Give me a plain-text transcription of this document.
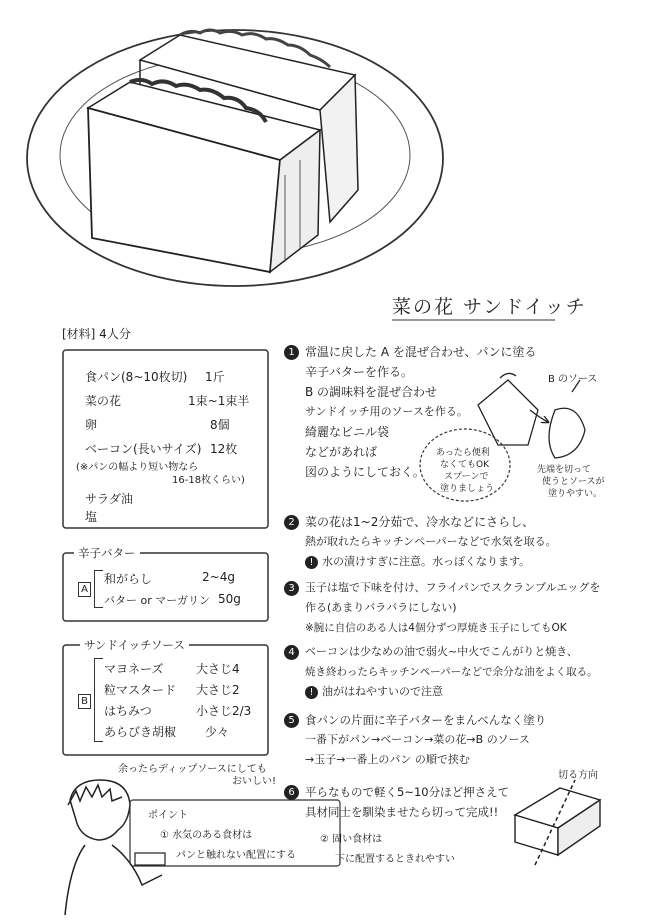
菜の花 サンドイッチ
[材料] 4人分
食パン(8~10枚切) 1斤
菜の花	1束~1束半
卵	8個
ベーコン(長いサイズ) 12枚
(※パンの幅より短い物なら
16-18枚くらい)
サラダ油
塩
辛子バター
A
和がらし	2~4g
バター or マーガリン 50g
サンドイッチソース
B
マヨネーズ	大さじ4
粒マスタード 大さじ2
はちみつ	小さじ2/3
あらびき胡椒 少々
余ったらディップソースにしても
おいしい!
1 常温に戻した A を混ぜ合わせ、パンに塗る
辛子バターを作る。
B の調味料を混ぜ合わせ
サンドイッチ用のソースを作る。
綺麗なビニル袋
などがあれば
図のようにしておく。
B のソース
あったら便利
なくてもOK
スプーンで
塗りましょう
先端を切って
使うとソースが
塗りやすい。
2 菜の花は1~2分茹で、冷水などにさらし、
熱が取れたらキッチンペーパーなどで水気を取る。
! 水の漬けすぎに注意。水っぽくなります。
3 玉子は塩で下味を付け、フライパンでスクランブルエッグを
作る(あまりバラバラにしない)
※腕に自信のある人は4個分ずつ厚焼き玉子にしてもOK
4 ベーコンは少なめの油で弱火~中火でこんがりと焼き、
焼き終わったらキッチンペーパーなどで余分な油をよく取る。
! 油がはねやすいので注意
5 食パンの片面に辛子バターをまんべんなく塗り
一番下がパン→ベーコン→菜の花→B のソース
→玉子→一番上のパン の順で挟む
6 平らなもので軽く5~10分ほど押さえて
具材同士を馴染ませたら切って完成!!
切る方向
ポイント
① 水気のある食材は
パンと触れない配置にする
② 固い食材は
下に配置するときれやすい
